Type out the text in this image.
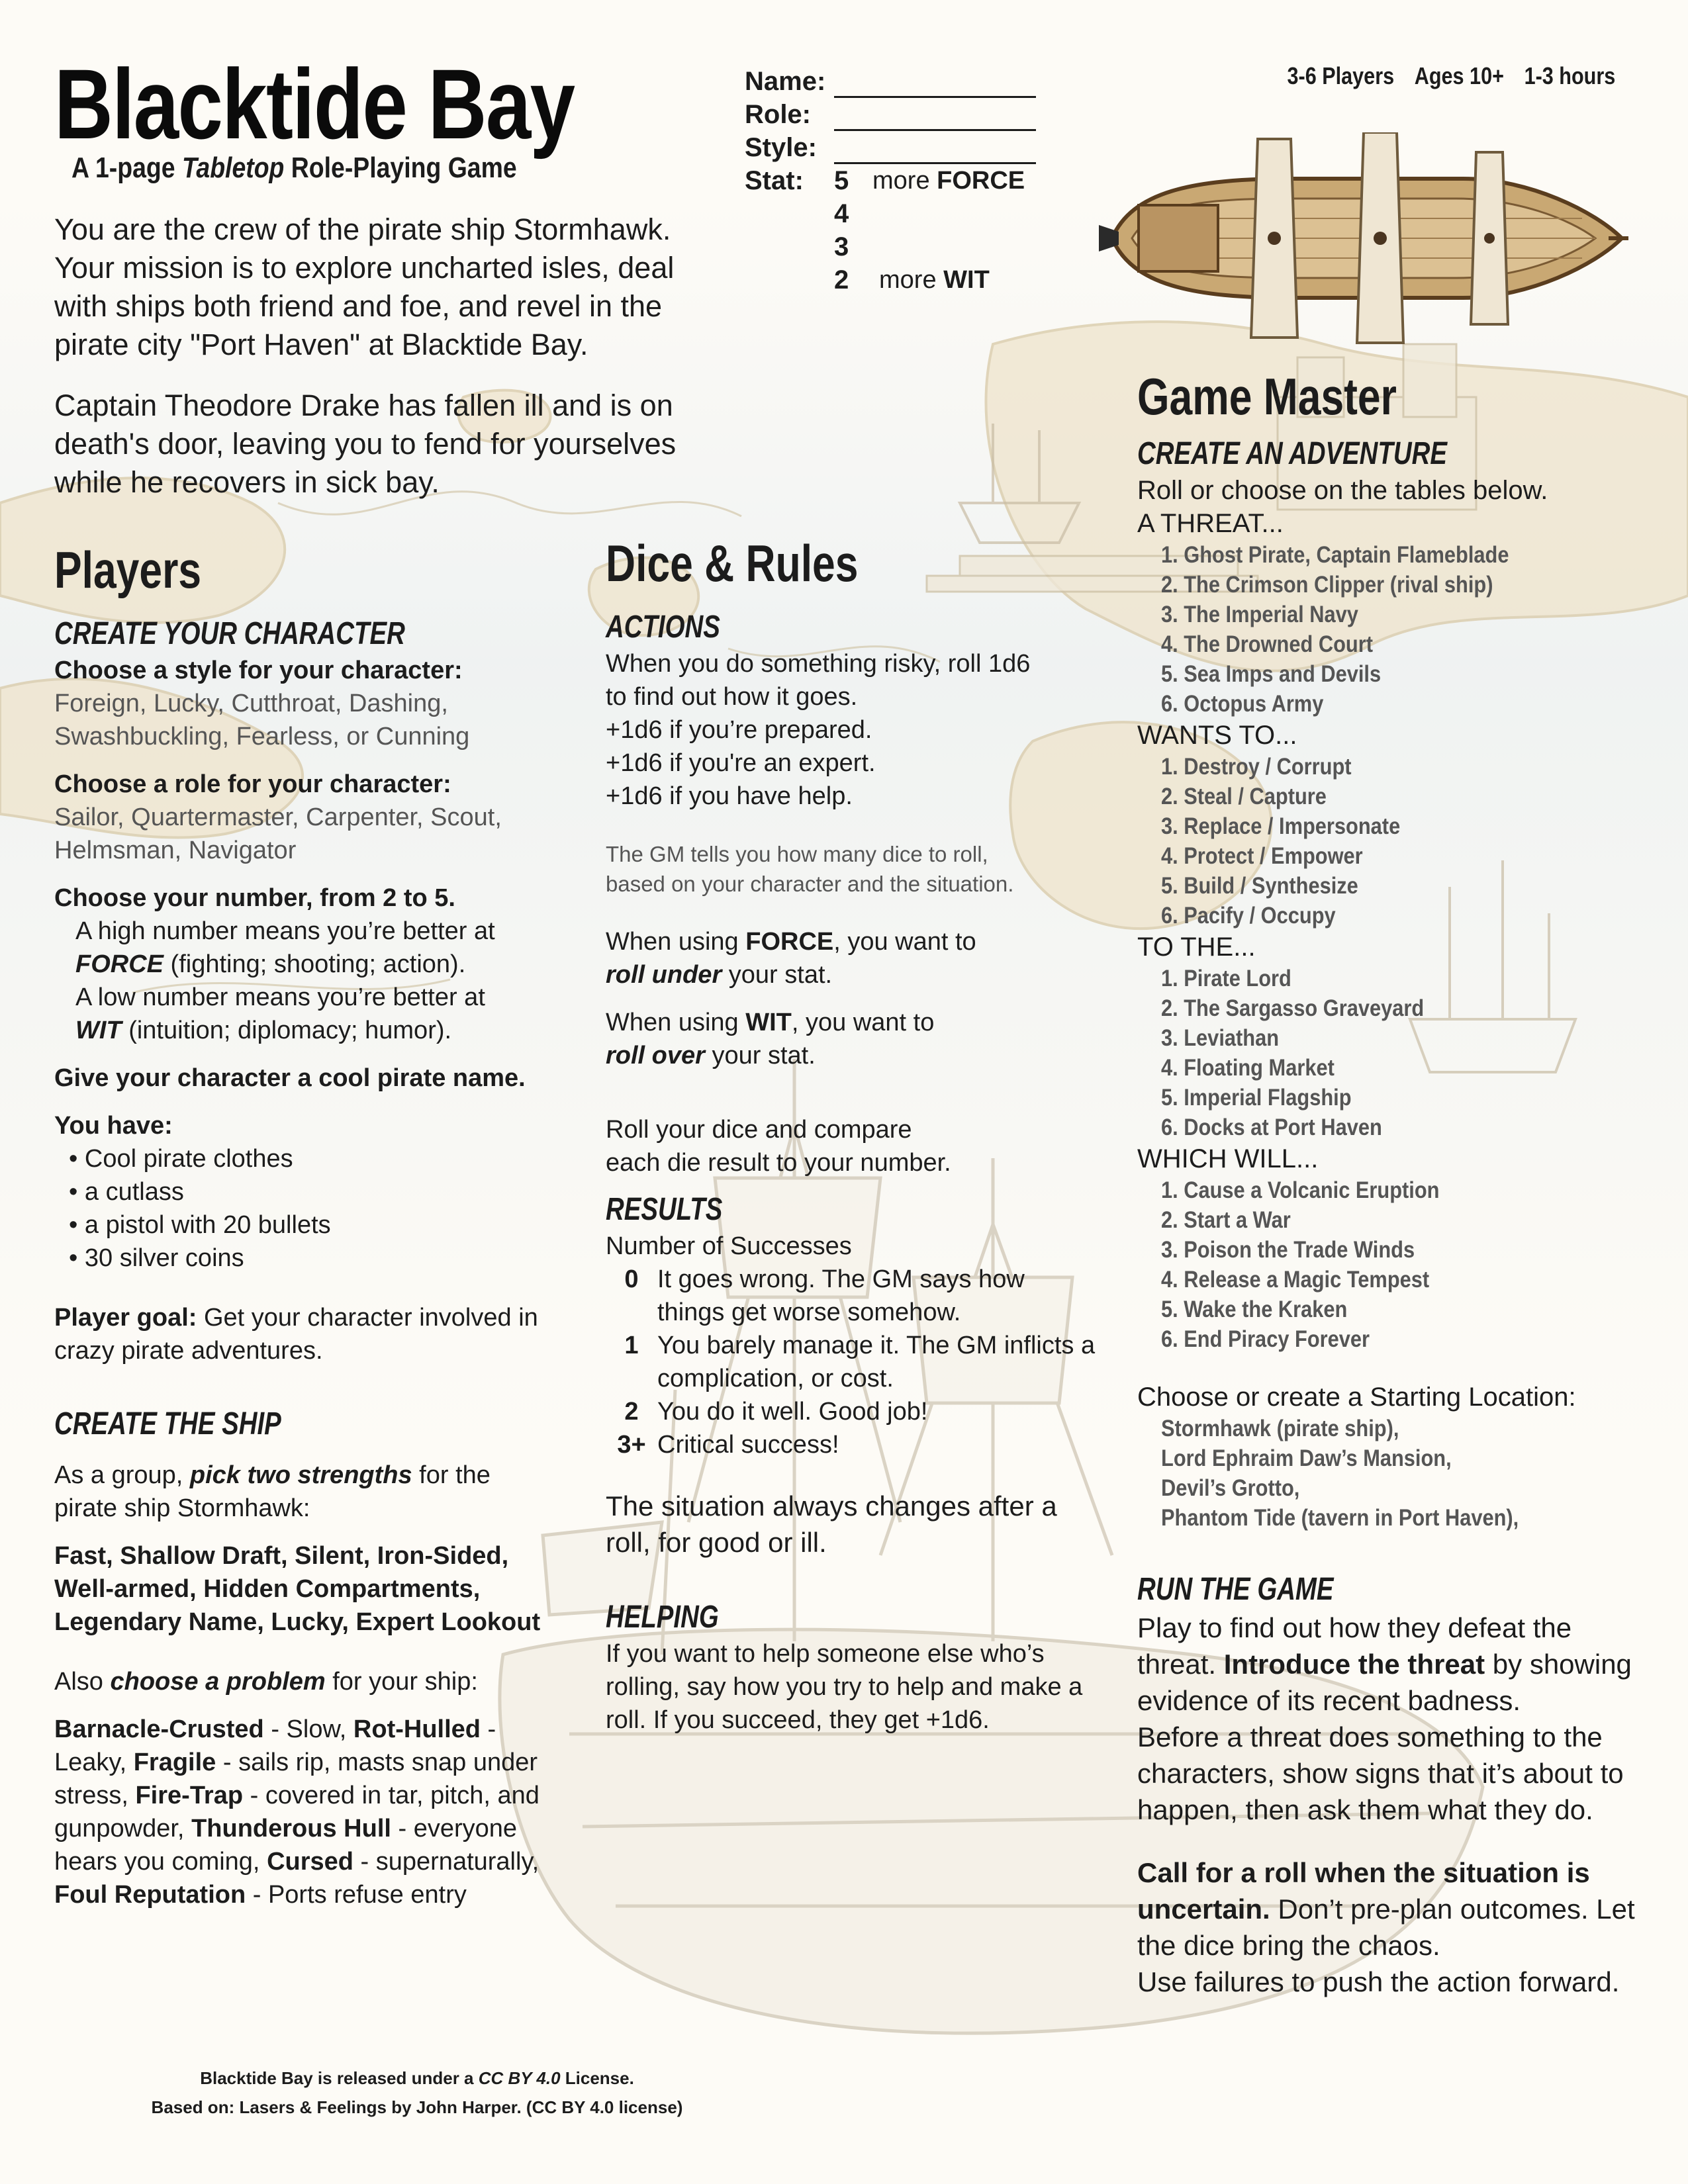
Blacktide Bay
A 1-page Tabletop Role-Playing Game
3-6 Players Ages 10+ 1-3 hours
Name:
Role:
Style:
Stat:	5 more FORCE
4
3
2	more WIT

You are the crew of the pirate ship Stormhawk. Your mission is to explore uncharted isles, deal with ships both friend and foe, and revel in the pirate city "Port Haven" at Blacktide Bay.

Captain Theodore Drake has fallen ill and is on death's door, leaving you to fend for yourselves while he recovers in sick bay.

Players
CREATE YOUR CHARACTER

Choose a style for your character:

Foreign, Lucky, Cutthroat, Dashing, Swashbuckling, Fearless, or Cunning

Choose a role for your character:

Sailor, Quartermaster, Carpenter, Scout, Helmsman, Navigator

Choose your number, from 2 to 5.

A high number means you’re better at

FORCE (fighting; shooting; action).

A low number means you’re better at

WIT (intuition; diplomacy; humor).

Give your character a cool pirate name.

You have:

• Cool pirate clothes

• a cutlass

• a pistol with 20 bullets

• 30 silver coins

Player goal: Get your character involved in crazy pirate adventures.

CREATE THE SHIP

As a group, pick two strengths for the pirate ship Stormhawk:

Fast, Shallow Draft, Silent, Iron-Sided, Well-armed, Hidden Compartments, Legendary Name, Lucky, Expert Lookout

Also choose a problem for your ship:

Barnacle-Crusted - Slow, Rot-Hulled - Leaky, Fragile - sails rip, masts snap under stress, Fire-Trap - covered in tar, pitch, and gunpowder, Thunderous Hull - everyone hears you coming, Cursed - supernaturally, Foul Reputation - Ports refuse entry

Dice & Rules
ACTIONS

When you do something risky, roll 1d6

to find out how it goes.

+1d6 if you’re prepared.

+1d6 if you're an expert.

+1d6 if you have help.

The GM tells you how many dice to roll,

based on your character and the situation.

When using FORCE, you want to

roll under your stat.

When using WIT, you want to

roll over your stat.

Roll your dice and compare

each die result to your number.

RESULTS

Number of Successes

0 It goes wrong. The GM says how things get worse somehow.
1 You barely manage it. The GM inflicts a complication, or cost.
2 You do it well. Good job!
3+ Critical success!

The situation always changes after a roll, for good or ill.

HELPING

If you want to help someone else who’s rolling, say how you try to help and make a roll. If you succeed, they get +1d6.

Game Master
CREATE AN ADVENTURE

Roll or choose on the tables below.

A THREAT...

1. Ghost Pirate, Captain Flameblade
2. The Crimson Clipper (rival ship)
3. The Imperial Navy
4. The Drowned Court
5. Sea Imps and Devils
6. Octopus Army

WANTS TO...

1. Destroy / Corrupt
2. Steal / Capture
3. Replace / Impersonate
4. Protect / Empower
5. Build / Synthesize
6. Pacify / Occupy

TO THE...

1. Pirate Lord
2. The Sargasso Graveyard
3. Leviathan
4. Floating Market
5. Imperial Flagship
6. Docks at Port Haven

WHICH WILL...

1. Cause a Volcanic Eruption
2. Start a War
3. Poison the Trade Winds
4. Release a Magic Tempest
5. Wake the Kraken
6. End Piracy Forever

Choose or create a Starting Location:

Stormhawk (pirate ship),
Lord Ephraim Daw’s Mansion,
Devil’s Grotto,
Phantom Tide (tavern in Port Haven),
RUN THE GAME

Play to find out how they defeat the threat. Introduce the threat by showing evidence of its recent badness.

Before a threat does something to the characters, show signs that it’s about to happen, then ask them what they do.

Call for a roll when the situation is uncertain. Don’t pre-plan outcomes. Let the dice bring the chaos.

Use failures to push the action forward.

Blacktide Bay is released under a CC BY 4.0 License.
Based on: Lasers & Feelings by John Harper. (CC BY 4.0 license)
